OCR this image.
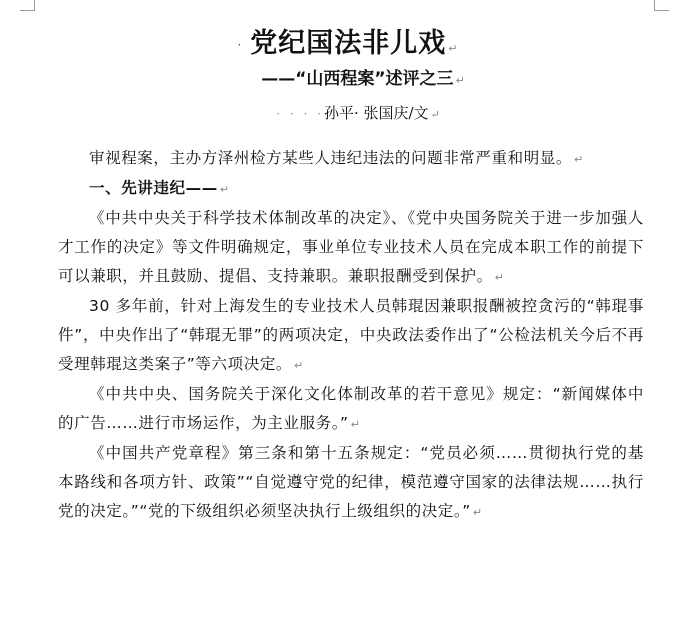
· 党纪国法非儿戏 ↵
——“山西程案”述评之三 ↵
· · · ·孙平· 张国庆/文 ↵

审视程案，主办方泽州检方某些人违纪违法的问题非常严重和明显。 ↵

一、先讲违纪—— ↵

《中共中央关于科学技术体制改革的决定》、《党中央国务院关于进一步加强人才工作的决定》等文件明确规定，事业单位专业技术人员在完成本职工作的前提下可以兼职，并且鼓励、提倡、支持兼职。兼职报酬受到保护。 ↵

30 多年前，针对上海发生的专业技术人员韩琨因兼职报酬被控贪污的“韩琨事件”，中央作出了“韩琨无罪”的两项决定，中央政法委作出了“公检法机关今后不再受理韩琨这类案子”等六项决定。 ↵

《中共中央、国务院关于深化文化体制改革的若干意见》规定：“新闻媒体中的广告……进行市场运作，为主业服务。” ↵

《中国共产党章程》第三条和第十五条规定：“党员必须……贯彻执行党的基本路线和各项方针、政策”“自觉遵守党的纪律，模范遵守国家的法律法规……执行党的决定。”“党的下级组织必须坚决执行上级组织的决定。” ↵
